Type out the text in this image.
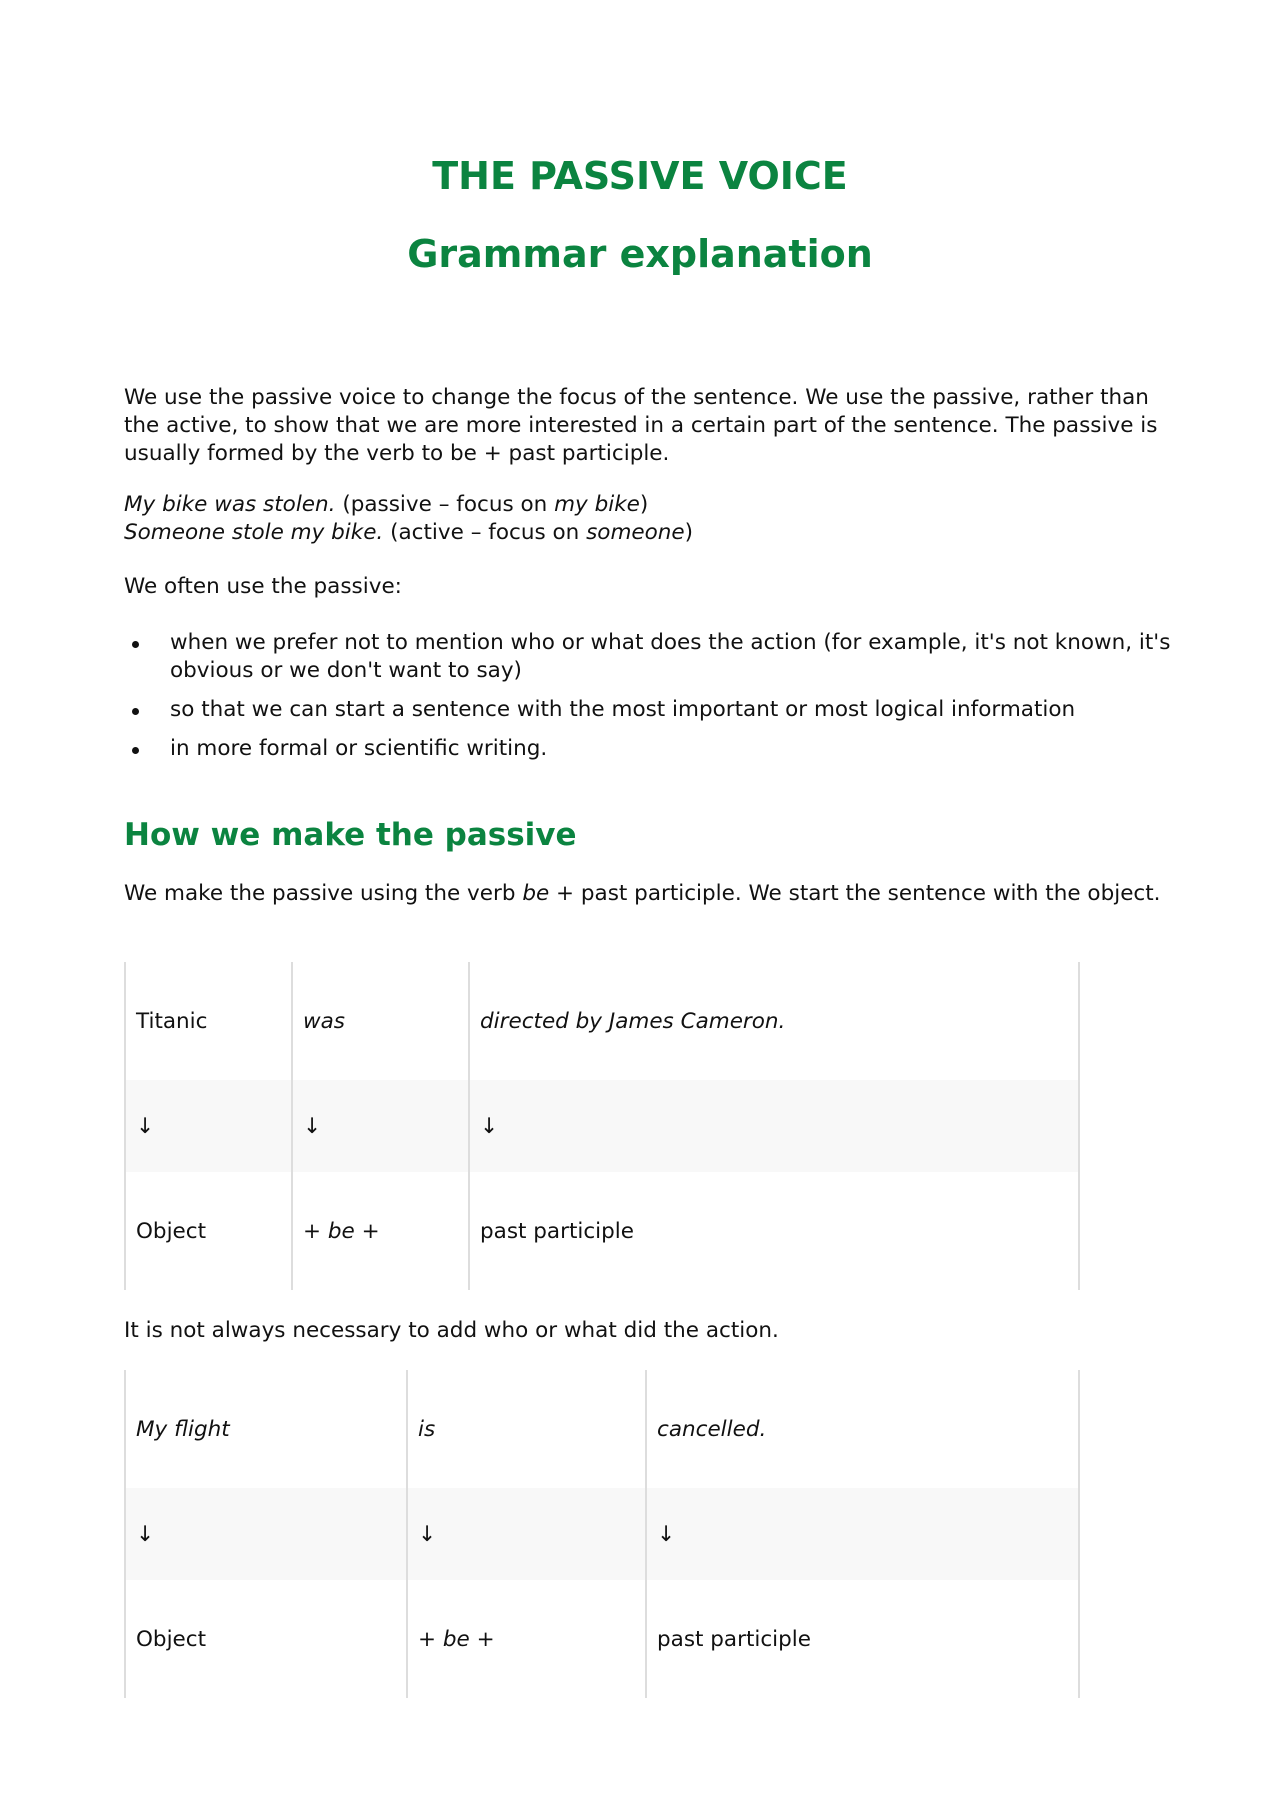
THE PASSIVE VOICE
Grammar explanation

We use the passive voice to change the focus of the sentence. We use the passive, rather than the active, to show that we are more interested in a certain part of the sentence. The passive is usually formed by the verb to be + past participle.

My bike was stolen. (passive – focus on my bike)
Someone stole my bike. (active – focus on someone)

We often use the passive:

when we prefer not to mention who or what does the action (for example, it's not known, it's obvious or we don't want to say)
so that we can start a sentence with the most important or most logical information
in more formal or scientific writing.
How we make the passive

We make the passive using the verb be + past participle. We start the sentence with the object.

Titanic	was	directed by James Cameron.
↓	↓	↓
Object	+ be +	past participle

It is not always necessary to add who or what did the action.

My flight	is	cancelled.
↓	↓	↓
Object	+ be +	past participle
